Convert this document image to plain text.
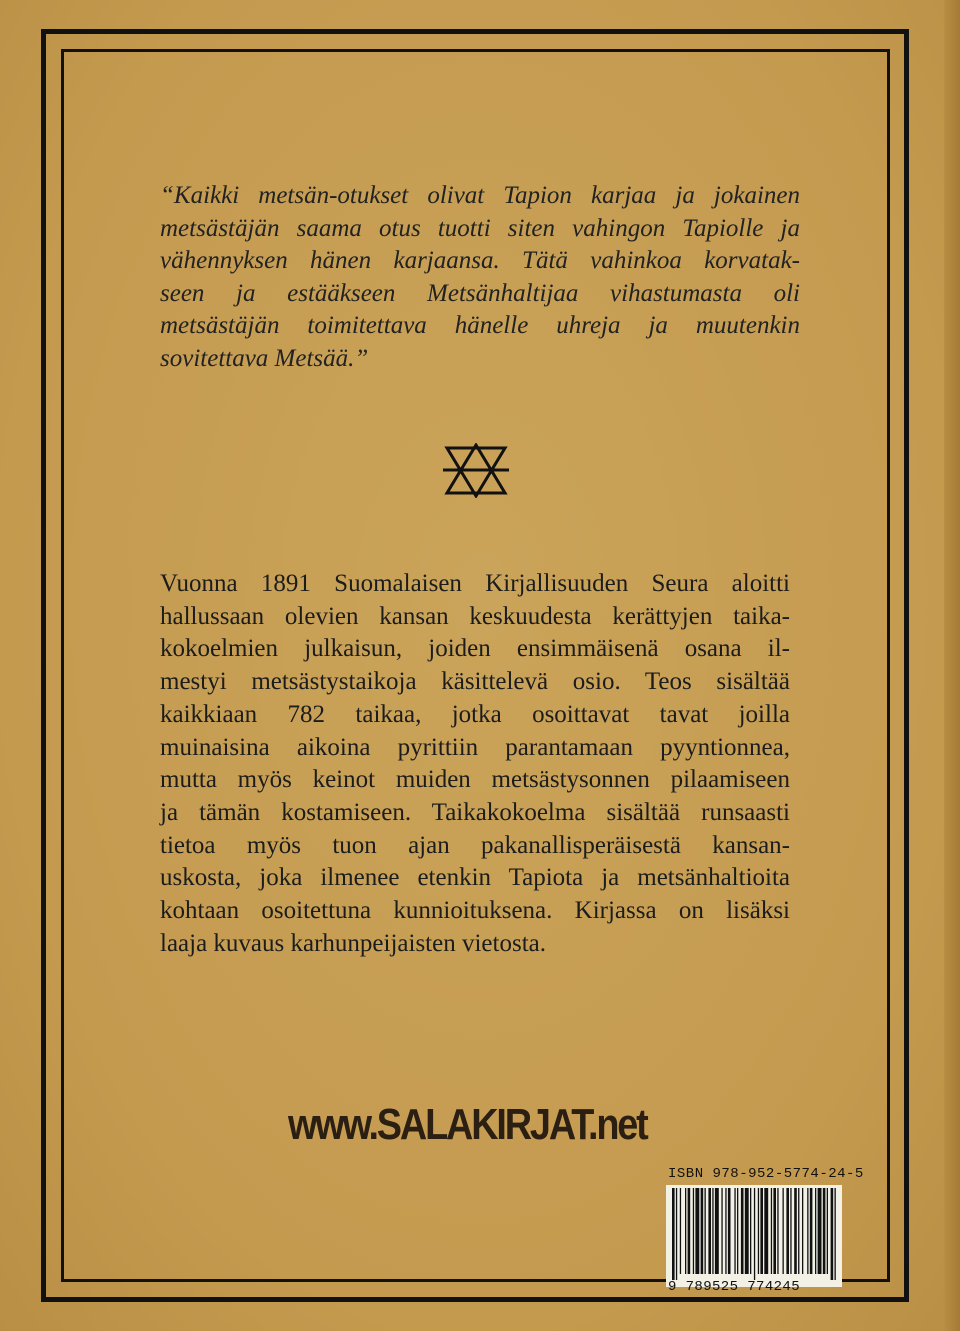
“Kaikki metsän-otukset olivat Tapion karjaa ja jokainen
metsästäjän saama otus tuotti siten vahingon Tapiolle ja
vähennyksen hänen karjaansa. Tätä vahinkoa korvatak-
seen ja estääkseen Metsänhaltijaa vihastumasta oli
metsästäjän toimitettava hänelle uhreja ja muutenkin
sovitettava Metsää.”

Vuonna 1891 Suomalaisen Kirjallisuuden Seura aloitti
hallussaan olevien kansan keskuudesta kerättyjen taika-
kokoelmien julkaisun, joiden ensimmäisenä osana il-
mestyi metsästystaikoja käsittelevä osio. Teos sisältää
kaikkiaan 782 taikaa, jotka osoittavat tavat joilla
muinaisina aikoina pyrittiin parantamaan pyyntionnea,
mutta myös keinot muiden metsästysonnen pilaamiseen
ja tämän kostamiseen. Taikakokoelma sisältää runsaasti
tietoa myös tuon ajan pakanallisperäisestä kansan-
uskosta, joka ilmenee etenkin Tapiota ja metsänhaltioita
kohtaan osoitettuna kunnioituksena. Kirjassa on lisäksi
laaja kuvaus karhunpeijaisten vietosta.

www.SALAKIRJAT.net
ISBN 978-952-5774-24-5
9 789525 774245
